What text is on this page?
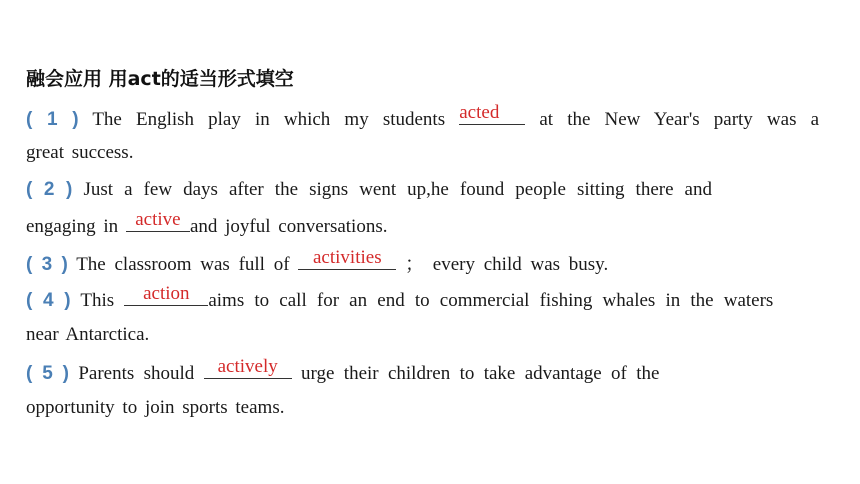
融会应用 用act的适当形式填空
( 1 ) The English play in which my students acted	at the New Year's party was a
great success.
( 2 ) Just a few days after the signs went up,he found people sitting there and
engaging in active and joyful conversations.
( 3 ) The classroom was full of	activities	； every child was busy.
( 4 ) This	action aims to call for an end to commercial fishing whales in the waters
near Antarctica.
( 5 ) Parents should	actively	urge their children to take advantage of the
opportunity to join sports teams.
